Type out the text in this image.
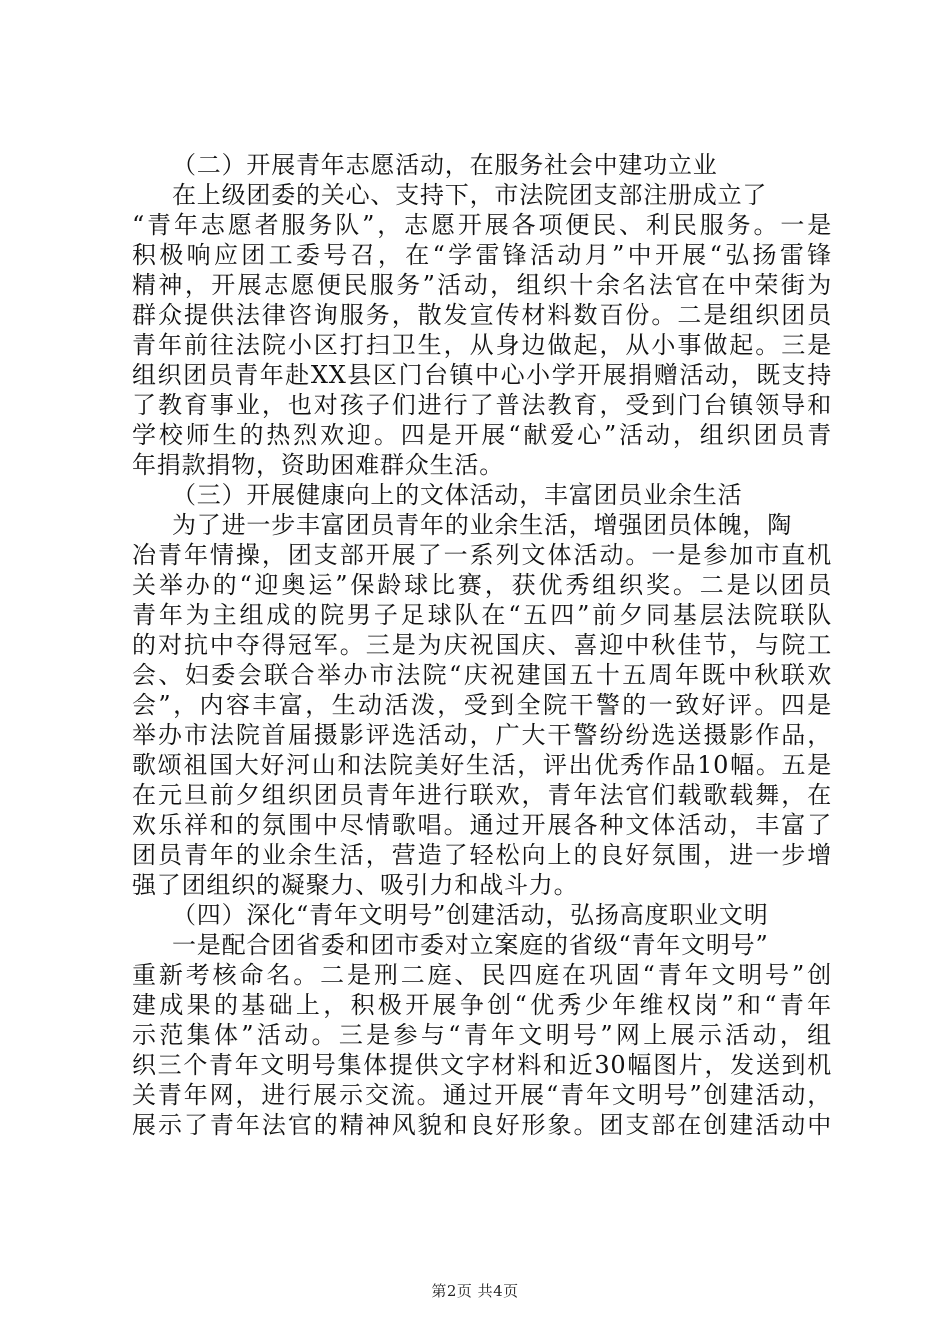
（二）开展青年志愿活动，在服务社会中建功立业
在上级团委的关心、支持下，市法院团支部注册成立了
“青年志愿者服务队”，志愿开展各项便民、利民服务。一是
积极响应团工委号召，在“学雷锋活动月”中开展“弘扬雷锋
精神，开展志愿便民服务”活动，组织十余名法官在中荣街为
群众提供法律咨询服务，散发宣传材料数百份。二是组织团员
青年前往法院小区打扫卫生，从身边做起，从小事做起。三是
组织团员青年赴XX县区门台镇中心小学开展捐赠活动，既支持
了教育事业，也对孩子们进行了普法教育，受到门台镇领导和
学校师生的热烈欢迎。四是开展“献爱心”活动，组织团员青
年捐款捐物，资助困难群众生活。
（三）开展健康向上的文体活动，丰富团员业余生活
为了进一步丰富团员青年的业余生活，增强团员体魄，陶
冶青年情操，团支部开展了一系列文体活动。一是参加市直机
关举办的“迎奥运”保龄球比赛，获优秀组织奖。二是以团员
青年为主组成的院男子足球队在“五四”前夕同基层法院联队
的对抗中夺得冠军。三是为庆祝国庆、喜迎中秋佳节，与院工
会、妇委会联合举办市法院“庆祝建国五十五周年既中秋联欢
会”，内容丰富，生动活泼，受到全院干警的一致好评。四是
举办市法院首届摄影评选活动，广大干警纷纷选送摄影作品，
歌颂祖国大好河山和法院美好生活，评出优秀作品10幅。五是
在元旦前夕组织团员青年进行联欢，青年法官们载歌载舞，在
欢乐祥和的氛围中尽情歌唱。通过开展各种文体活动，丰富了
团员青年的业余生活，营造了轻松向上的良好氛围，进一步增
强了团组织的凝聚力、吸引力和战斗力。
（四）深化“青年文明号”创建活动，弘扬高度职业文明
一是配合团省委和团市委对立案庭的省级“青年文明号”
重新考核命名。二是刑二庭、民四庭在巩固“青年文明号”创
建成果的基础上，积极开展争创“优秀少年维权岗”和“青年
示范集体”活动。三是参与“青年文明号”网上展示活动，组
织三个青年文明号集体提供文字材料和近30幅图片，发送到机
关青年网，进行展示交流。通过开展“青年文明号”创建活动，
展示了青年法官的精神风貌和良好形象。团支部在创建活动中
第2页 共4页
